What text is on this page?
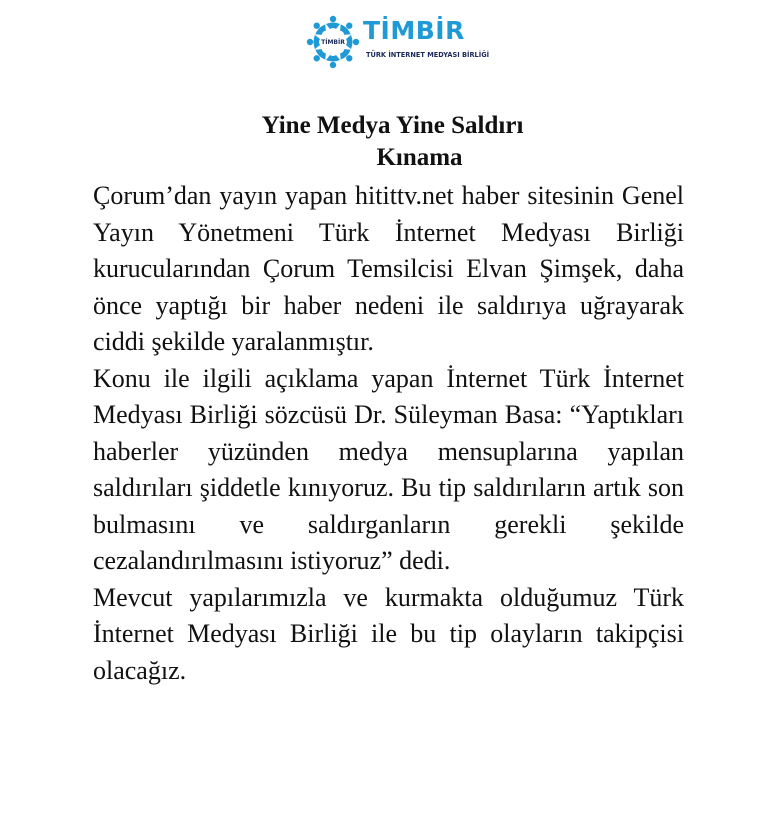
TİMBİR TİMBİR
TÜRK İNTERNET MEDYASI BİRLİĞİ
Yine Medya Yine Saldırı
Kınama

Çorum’dan yayın yapan hitittv.net haber sitesinin Genel Yayın Yönetmeni Türk İnternet Medyası Birliği kurucularından Çorum Temsilcisi Elvan Şimşek, daha önce yaptığı bir haber nedeni ile saldırıya uğrayarak ciddi şekilde yaralanmıştır.

Konu ile ilgili açıklama yapan İnternet Türk İnternet Medyası Birliği sözcüsü Dr. Süleyman Basa: “Yaptıkları haberler yüzünden medya mensuplarına yapılan saldırıları şiddetle kınıyoruz. Bu tip saldırıların artık son bulmasını ve saldırganların gerekli şekilde cezalandırılmasını istiyoruz” dedi.

Mevcut yapılarımızla ve kurmakta olduğumuz Türk İnternet Medyası Birliği ile bu tip olayların takipçisi olacağız.
